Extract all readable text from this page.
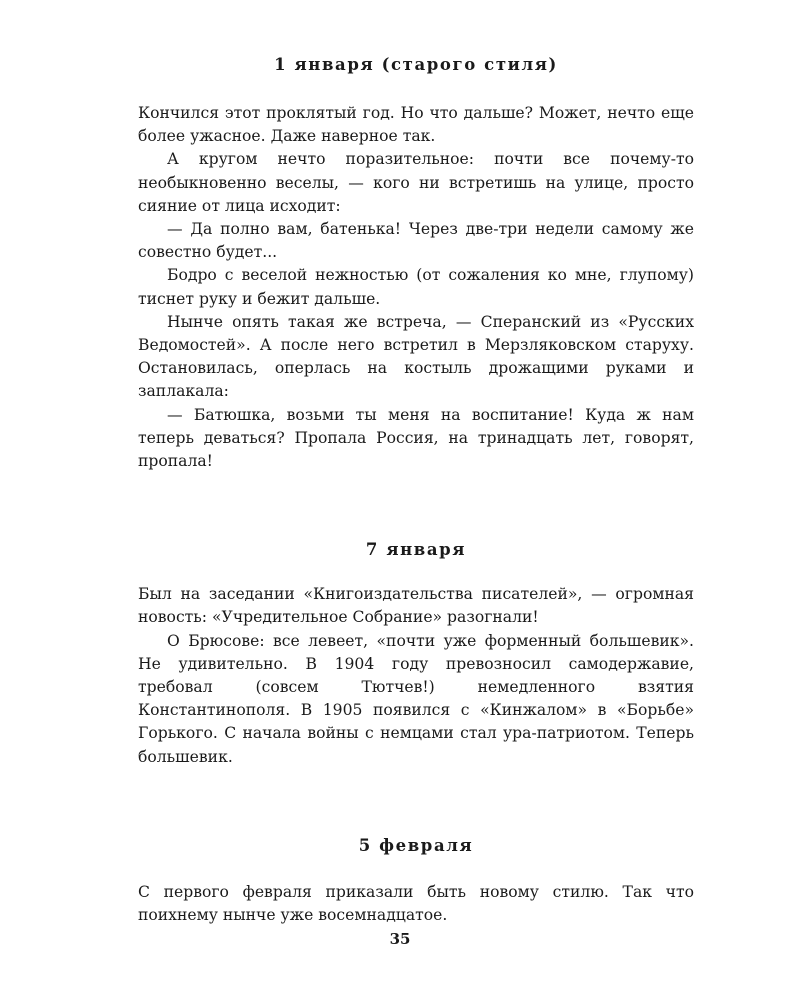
1 января (старого стиля)

Кончился этот проклятый год. Но что дальше? Может, нечто еще более ужасное. Даже наверное так.

А кругом нечто поразительное: почти все почему-то необыкновенно веселы, — кого ни встретишь на улице, просто сияние от лица исходит:

— Да полно вам, батенька! Через две-три недели самому же совестно будет...

Бодро с веселой нежностью (от сожаления ко мне, глупому) тиснет руку и бежит дальше.

Нынче опять такая же встреча, — Сперанский из «Русских Ведомостей». А после него встретил в Мерзляковском старуху. Остановилась, оперлась на костыль дрожащими руками и заплакала:

— Батюшка, возьми ты меня на воспитание! Куда ж нам теперь деваться? Пропала Россия, на тринадцать лет, говорят, пропала!

7 января

Был на заседании «Книгоиздательства писателей», — огромная новость: «Учредительное Собрание» разогнали!

О Брюсове: все левеет, «почти уже форменный большевик». Не удивительно. В 1904 году превозносил самодержавие, требовал (совсем Тютчев!) немедленного взятия Константинополя. В 1905 появился с «Кинжалом» в «Борьбе» Горького. С начала войны с немцами стал ура-патриотом. Теперь большевик.

5 февраля

С первого февраля приказали быть новому стилю. Так что поихнему нынче уже восемнадцатое.

35
